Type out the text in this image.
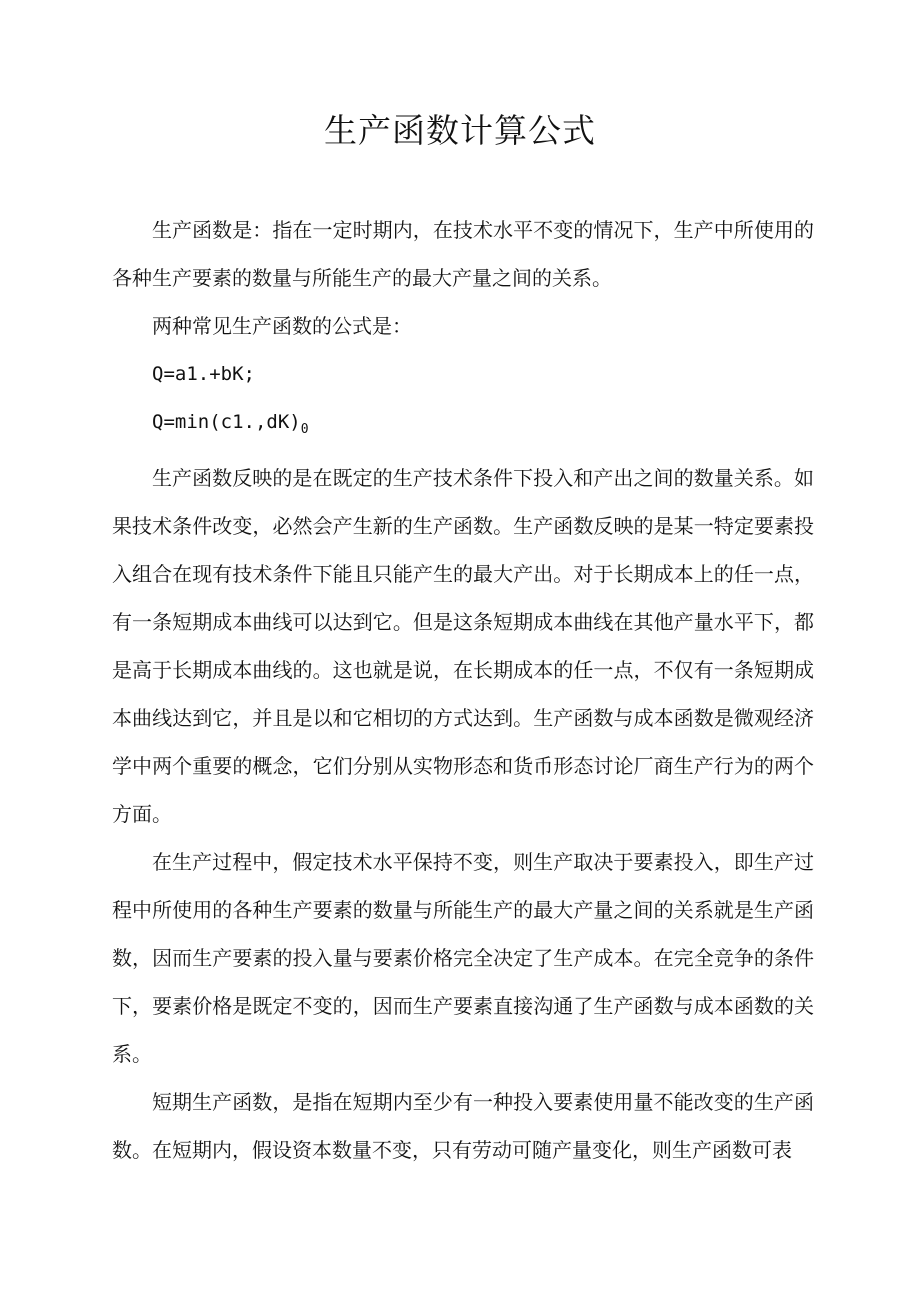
生产函数计算公式

生产函数是：指在一定时期内，在技术水平不变的情况下，生产中所使用的各种生产要素的数量与所能生产的最大产量之间的关系。

两种常见生产函数的公式是：

Q=a1.+bK;

$Q=\min(c1.,dK)_0$

生产函数反映的是在既定的生产技术条件下投入和产出之间的数量关系。如果技术条件改变，必然会产生新的生产函数。生产函数反映的是某一特定要素投入组合在现有技术条件下能且只能产生的最大产出。对于长期成本上的任一点，有一条短期成本曲线可以达到它。但是这条短期成本曲线在其他产量水平下，都是高于长期成本曲线的。这也就是说，在长期成本的任一点，不仅有一条短期成本曲线达到它，并且是以和它相切的方式达到。生产函数与成本函数是微观经济学中两个重要的概念，它们分别从实物形态和货币形态讨论厂商生产行为的两个方面。

在生产过程中，假定技术水平保持不变，则生产取决于要素投入，即生产过程中所使用的各种生产要素的数量与所能生产的最大产量之间的关系就是生产函数，因而生产要素的投入量与要素价格完全决定了生产成本。在完全竞争的条件下，要素价格是既定不变的，因而生产要素直接沟通了生产函数与成本函数的关系。

短期生产函数，是指在短期内至少有一种投入要素使用量不能改变的生产函数。在短期内，假设资本数量不变，只有劳动可随产量变化，则生产函数可表
